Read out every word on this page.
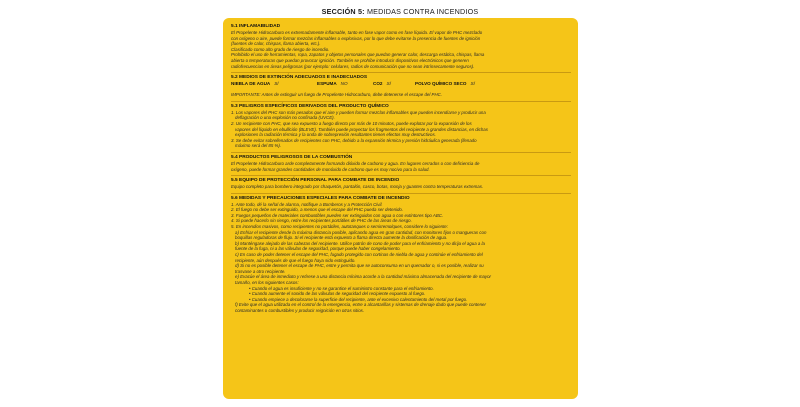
SECCIÓN 5: MEDIDAS CONTRA INCENDIOS

5.1 INFLAMABILIDAD

El Propelente Hidrocarburo es extremadamente inflamable, tanto en fase vapor como en fase líquida. El vapor de PHC mezclado

con oxígeno o aire, puede formar mezclas inflamables o explosivas, por lo que debe evitarse la presencia de fuentes de ignición

(fuentes de calor, chispas, llama abierta, etc.).

Clasificado como alto grado de riesgo de incendio.

Prohibido el uso de herramientas, ropa, zapatos y objetos personales que puedan generar calor, descarga estática, chispas, llama

abierta o temperaturas que puedan provocar ignición. También se prohíbe introducir dispositivos electrónicos que generen

radiofrecuencias en áreas peligrosas (por ejemplo: celulares, radios de comunicación que no sean intrínsecamente seguros).

5.2 MEDIOS DE EXTINCIÓN ADECUADOS E INADECUADOS

NIEBLA DE AGUA SÍ	ESPUMA NO	CO2 SÍ	POLVO QUÍMICO SECO SÍ

IMPORTANTE: Antes de extinguir un fuego de Propelente Hidrocarburo, debe detenerse el escape del PHC.

5.3 PELIGROS ESPECÍFICOS DERIVADOS DEL PRODUCTO QUÍMICO

1. Los vapores del PHC son más pesados que el aire y pueden formar mezclas inflamables que pueden incendiarse y producir una

deflagración o una explosión no confinada (UVCE).

2. Un recipiente con PHC, que sea expuesto a fuego directo por más de 10 minutos, puede explotar por la expansión de los

vapores del líquido en ebullición (BLEVE). También puede proyectar los fragmentos del recipiente a grandes distancias, en dichas

explosiones la radiación térmica y la onda de sobrepresión resultantes tienen efectos muy destructivos.

3. Se debe evitar sobrellenados de recipientes con PHC, debido a la expansión térmica y presión hidráulica generada (llenado

máximo será del 85 %).

5.4 PRODUCTOS PELIGROSOS DE LA COMBUSTIÓN

El Propelente Hidrocarburo arde completamente formando dióxido de carbono y agua. En lugares cerrados o con deficiencia de

oxígeno, puede formar grandes cantidades de monóxido de carbono que es muy nocivo para la salud.

5.5 EQUIPO DE PROTECCIÓN PERSONAL PARA COMBATE DE INCENDIO

Equipo completo para bombero integrado por chaquetón, pantalón, casco, botas, monja y guantes contra temperaturas extremas.

5.6 MEDIDAS Y PRECAUCIONES ESPECIALES PARA COMBATE DE INCENDIO

1. Ante todo, dé la señal de alarma, notifique a Bomberos y a Protección Civil.

2. El fuego no debe ser extinguido, a menos que el escape del PHC pueda ser detenido.

3. Fuegos pequeños de materiales combustibles pueden ser extinguidos con agua o con extintores tipo ABC.

4. Si puede hacerlo sin riesgo, retire los recipientes portátiles de PHC de las áreas de riesgo.

5. En incendios masivos, como recipientes no portátiles, autotanques o semirremolques, considere lo siguiente:

a) Enfriar el recipiente desde la máxima distancia posible, aplicando agua en gran cantidad, con monitores fijos o mangueras con

boquillas reguladoras de flujo. Si el recipiente está expuesto a flama directa aumente la dosificación de agua.

b) Manténgase alejado de las cabezas del recipiente. Utilice patrón de cono de poder para el enfriamiento y no dirija el agua a la

fuente de la fuga, ni a las válvulas de seguridad, porque puede haber congelamiento.

c) En caso de poder detener el escape del PHC, fugado protegido con cortinas de niebla de agua y continúe el enfriamiento del

recipiente, aún después de que el fuego haya sido extinguido.

d) Si no es posible detener el escape de PHC, entre y permita que se autoconsuma en un quemador o, si es posible, realizar su

trasvase a otro recipiente.

e) Evacúe el área de inmediato y retírese a una distancia mínima acorde a la cantidad máxima almacenada del recipiente de mayor

tamaño, en los siguientes casos:

• Cuando el agua es insuficiente y no se garantice el suministro constante para el enfriamiento.

• Cuando aumente el sonido de las válvulas de seguridad del recipiente expuesto al fuego.

• Cuando empiece a decolorarse la superficie del recipiente, ante el excesivo calentamiento del metal por fuego.

f) Evite que el agua utilizada en el control de la emergencia, entre a alcantarillas y sistemas de drenaje dado que puede contener

contaminantes o combustibles y producir reignición en otras sitios.
